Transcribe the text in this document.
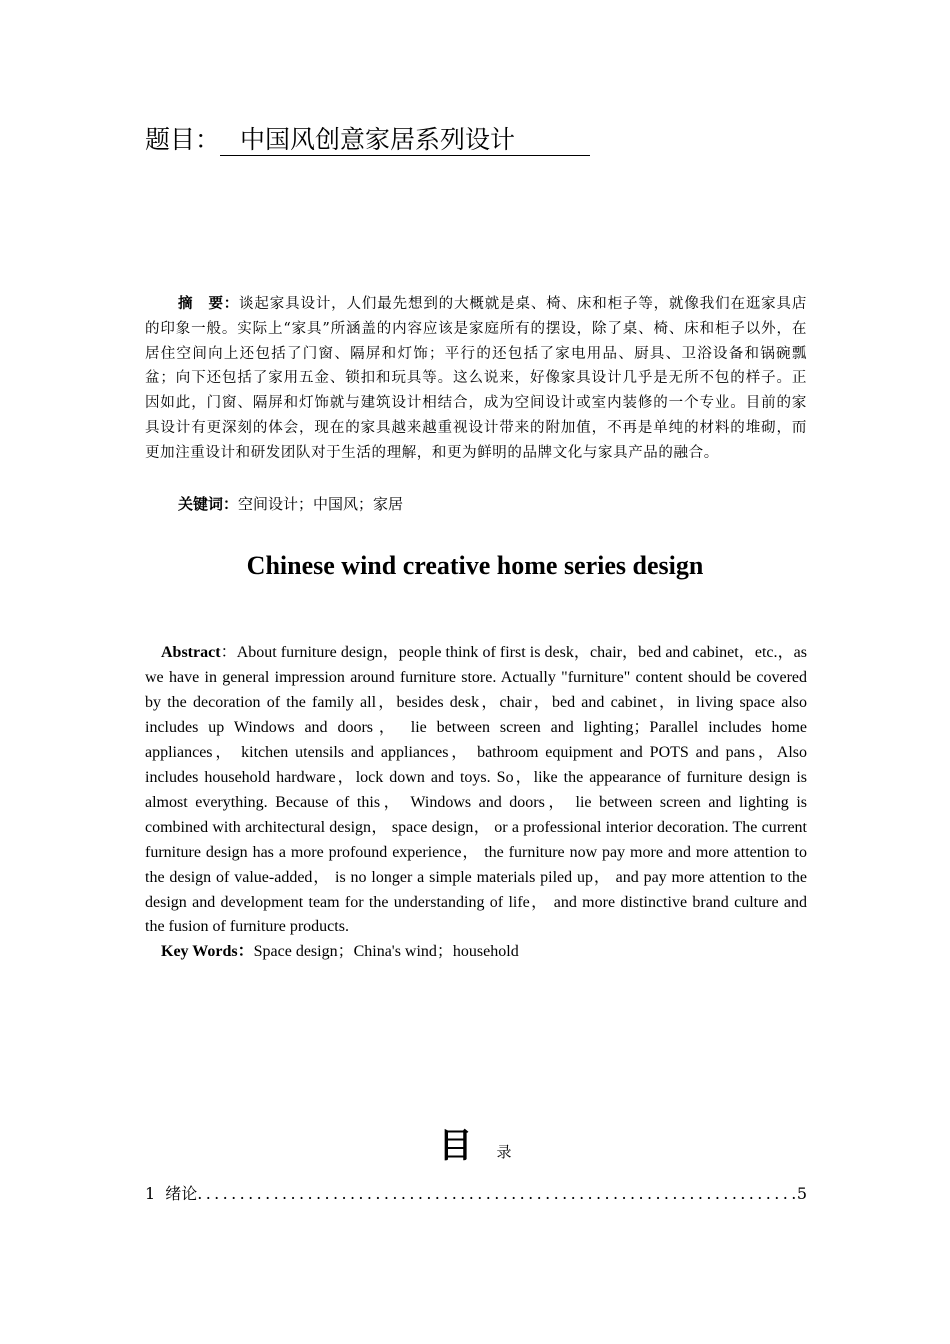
题目： 中国风创意家居系列设计
摘　要：谈起家具设计，人们最先想到的大概就是桌、椅、床和柜子等，就像我们在逛家具店的印象一般。实际上“家具”所涵盖的内容应该是家庭所有的摆设，除了桌、椅、床和柜子以外，在居住空间向上还包括了门窗、隔屏和灯饰；平行的还包括了家电用品、厨具、卫浴设备和锅碗瓢盆；向下还包括了家用五金、锁扣和玩具等。这么说来，好像家具设计几乎是无所不包的样子。正因如此，门窗、隔屏和灯饰就与建筑设计相结合，成为空间设计或室内装修的一个专业。目前的家具设计有更深刻的体会，现在的家具越来越重视设计带来的附加值，不再是单纯的材料的堆砌，而更加注重设计和研发团队对于生活的理解，和更为鲜明的品牌文化与家具产品的融合。
关键词：空间设计；中国风；家居
Chinese wind creative home series design
Abstract：About furniture design，people think of first is desk，chair，bed and cabinet，etc.，as we have in general impression around furniture store. Actually "furniture" content should be covered by the decoration of the family all，besides desk，chair，bed and cabinet，in living space also includes up Windows and doors， lie between screen and lighting；Parallel includes home appliances， kitchen utensils and appliances， bathroom equipment and POTS and pans，Also includes household hardware，lock down and toys. So，like the appearance of furniture design is almost everything. Because of this， Windows and doors， lie between screen and lighting is combined with architectural design， space design， or a professional interior decoration. The current furniture design has a more profound experience， the furniture now pay more and more attention to the design of value-added， is no longer a simple materials piled up， and pay more attention to the design and development team for the understanding of life， and more distinctive brand culture and the fusion of furniture products.
Key Words：Space design；China's wind；household
目 录
1 绪论
.....	5
